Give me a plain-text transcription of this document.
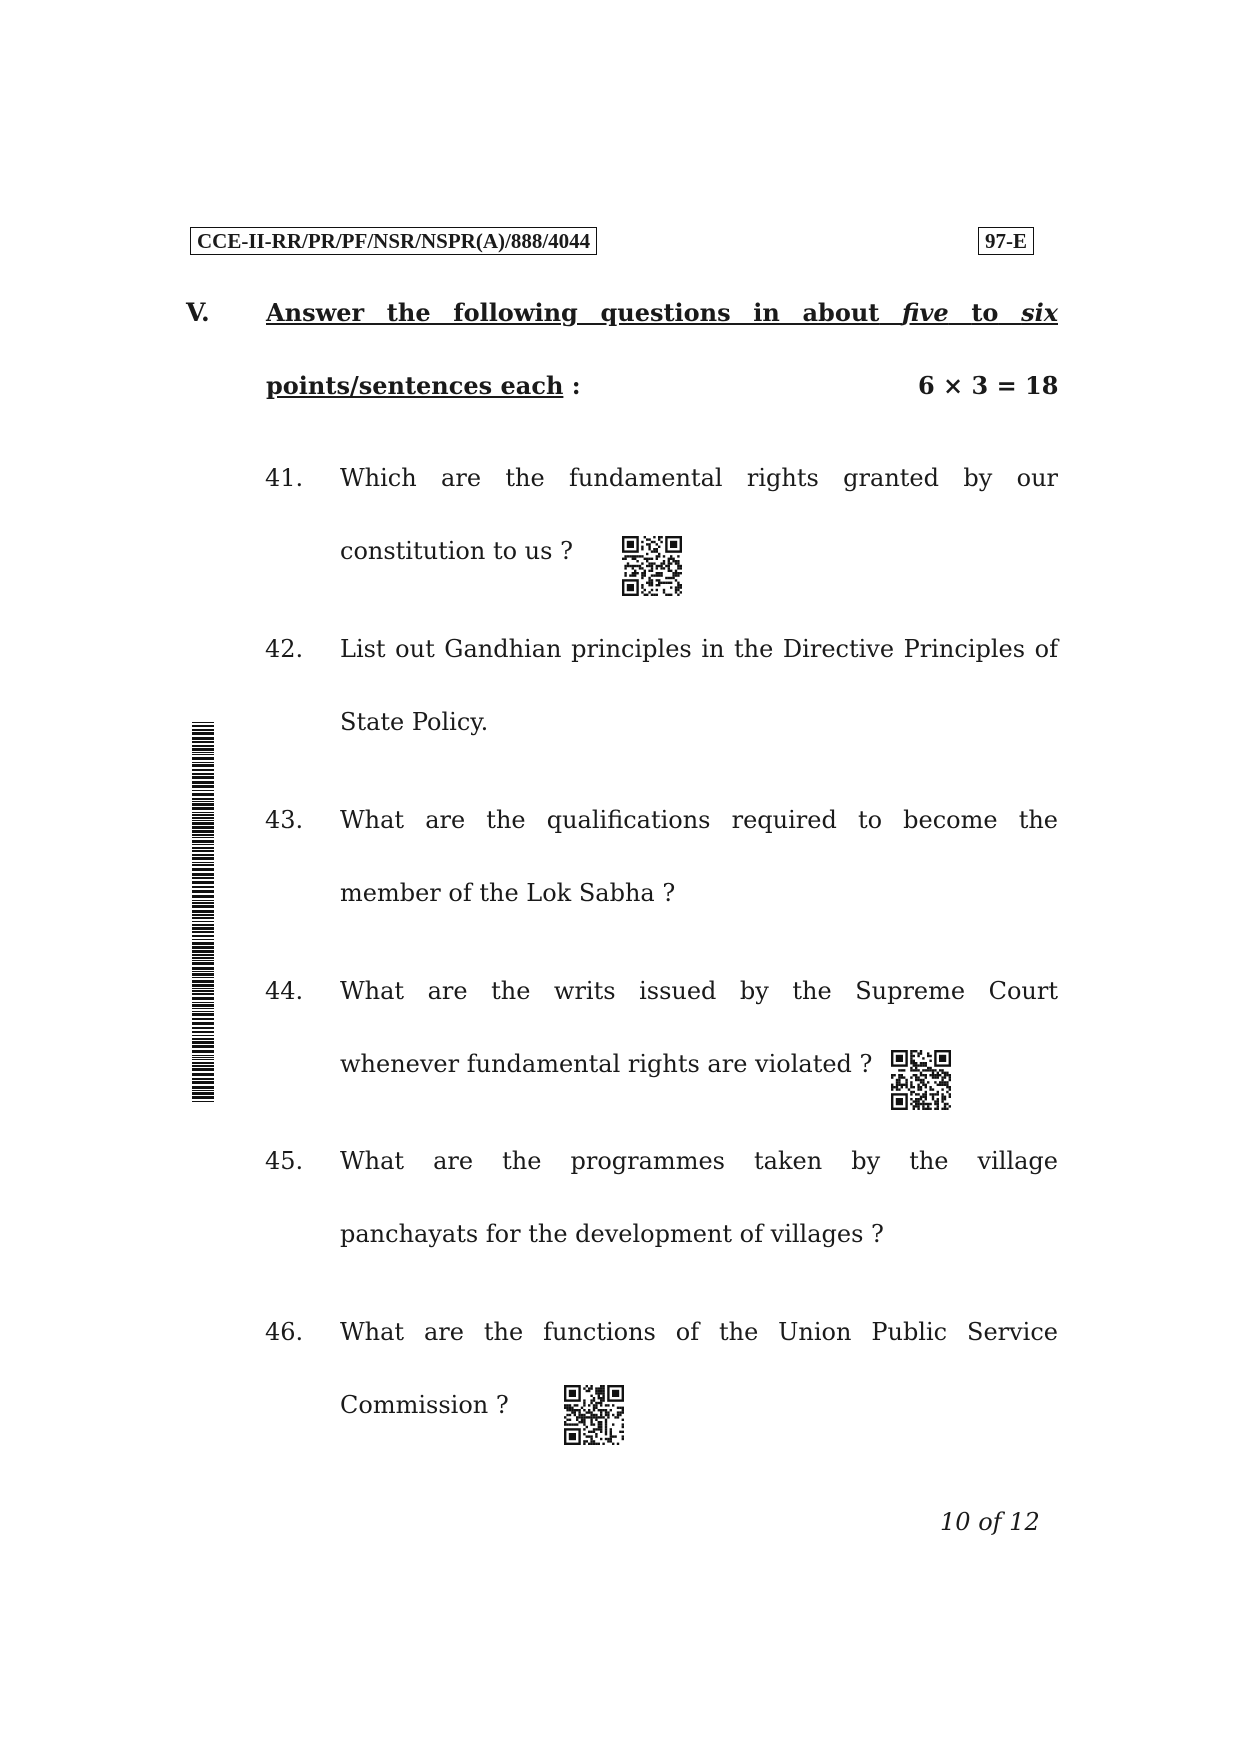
CCE-II-RR/PR/PF/NSR/NSPR(A)/888/4044	97-E
V. Answer the following questions in about five to six
points/sentences each :	6 × 3 = 18
41. Which are the fundamental rights granted by our
constitution to us ?
42. List out Gandhian principles in the Directive Principles of
State Policy.
43. What are the qualifications required to become the
member of the Lok Sabha ?
44. What are the writs issued by the Supreme Court
whenever fundamental rights are violated ?
45. What are the programmes taken by the village
panchayats for the development of villages ?
46. What are the functions of the Union Public Service
Commission ?
10 of 12
